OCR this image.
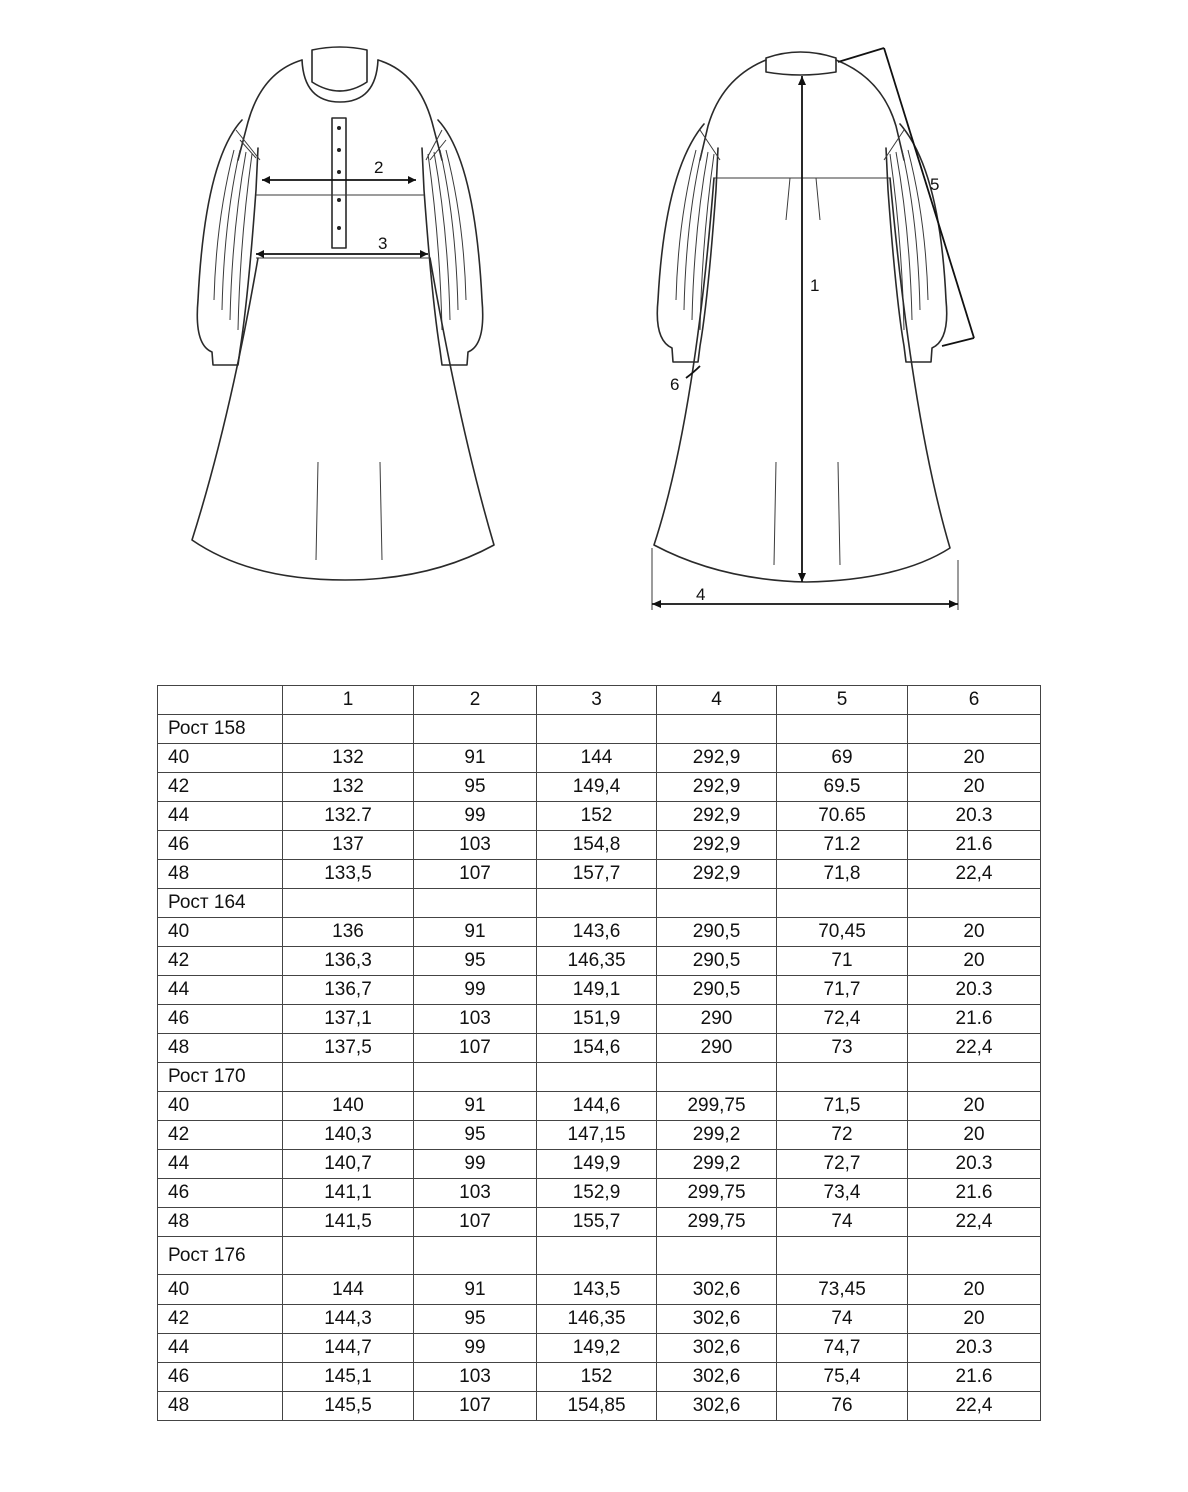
2
3
1
4
5
6
	1	2	3	4	5	6
Рост 158						
40	132	91	144	292,9	69	20
42	132	95	149,4	292,9	69.5	20
44	132.7	99	152	292,9	70.65	20.3
46	137	103	154,8	292,9	71.2	21.6
48	133,5	107	157,7	292,9	71,8	22,4
Рост 164						
40	136	91	143,6	290,5	70,45	20
42	136,3	95	146,35	290,5	71	20
44	136,7	99	149,1	290,5	71,7	20.3
46	137,1	103	151,9	290	72,4	21.6
48	137,5	107	154,6	290	73	22,4
Рост 170						
40	140	91	144,6	299,75	71,5	20
42	140,3	95	147,15	299,2	72	20
44	140,7	99	149,9	299,2	72,7	20.3
46	141,1	103	152,9	299,75	73,4	21.6
48	141,5	107	155,7	299,75	74	22,4
Рост 176						
40	144	91	143,5	302,6	73,45	20
42	144,3	95	146,35	302,6	74	20
44	144,7	99	149,2	302,6	74,7	20.3
46	145,1	103	152	302,6	75,4	21.6
48	145,5	107	154,85	302,6	76	22,4
